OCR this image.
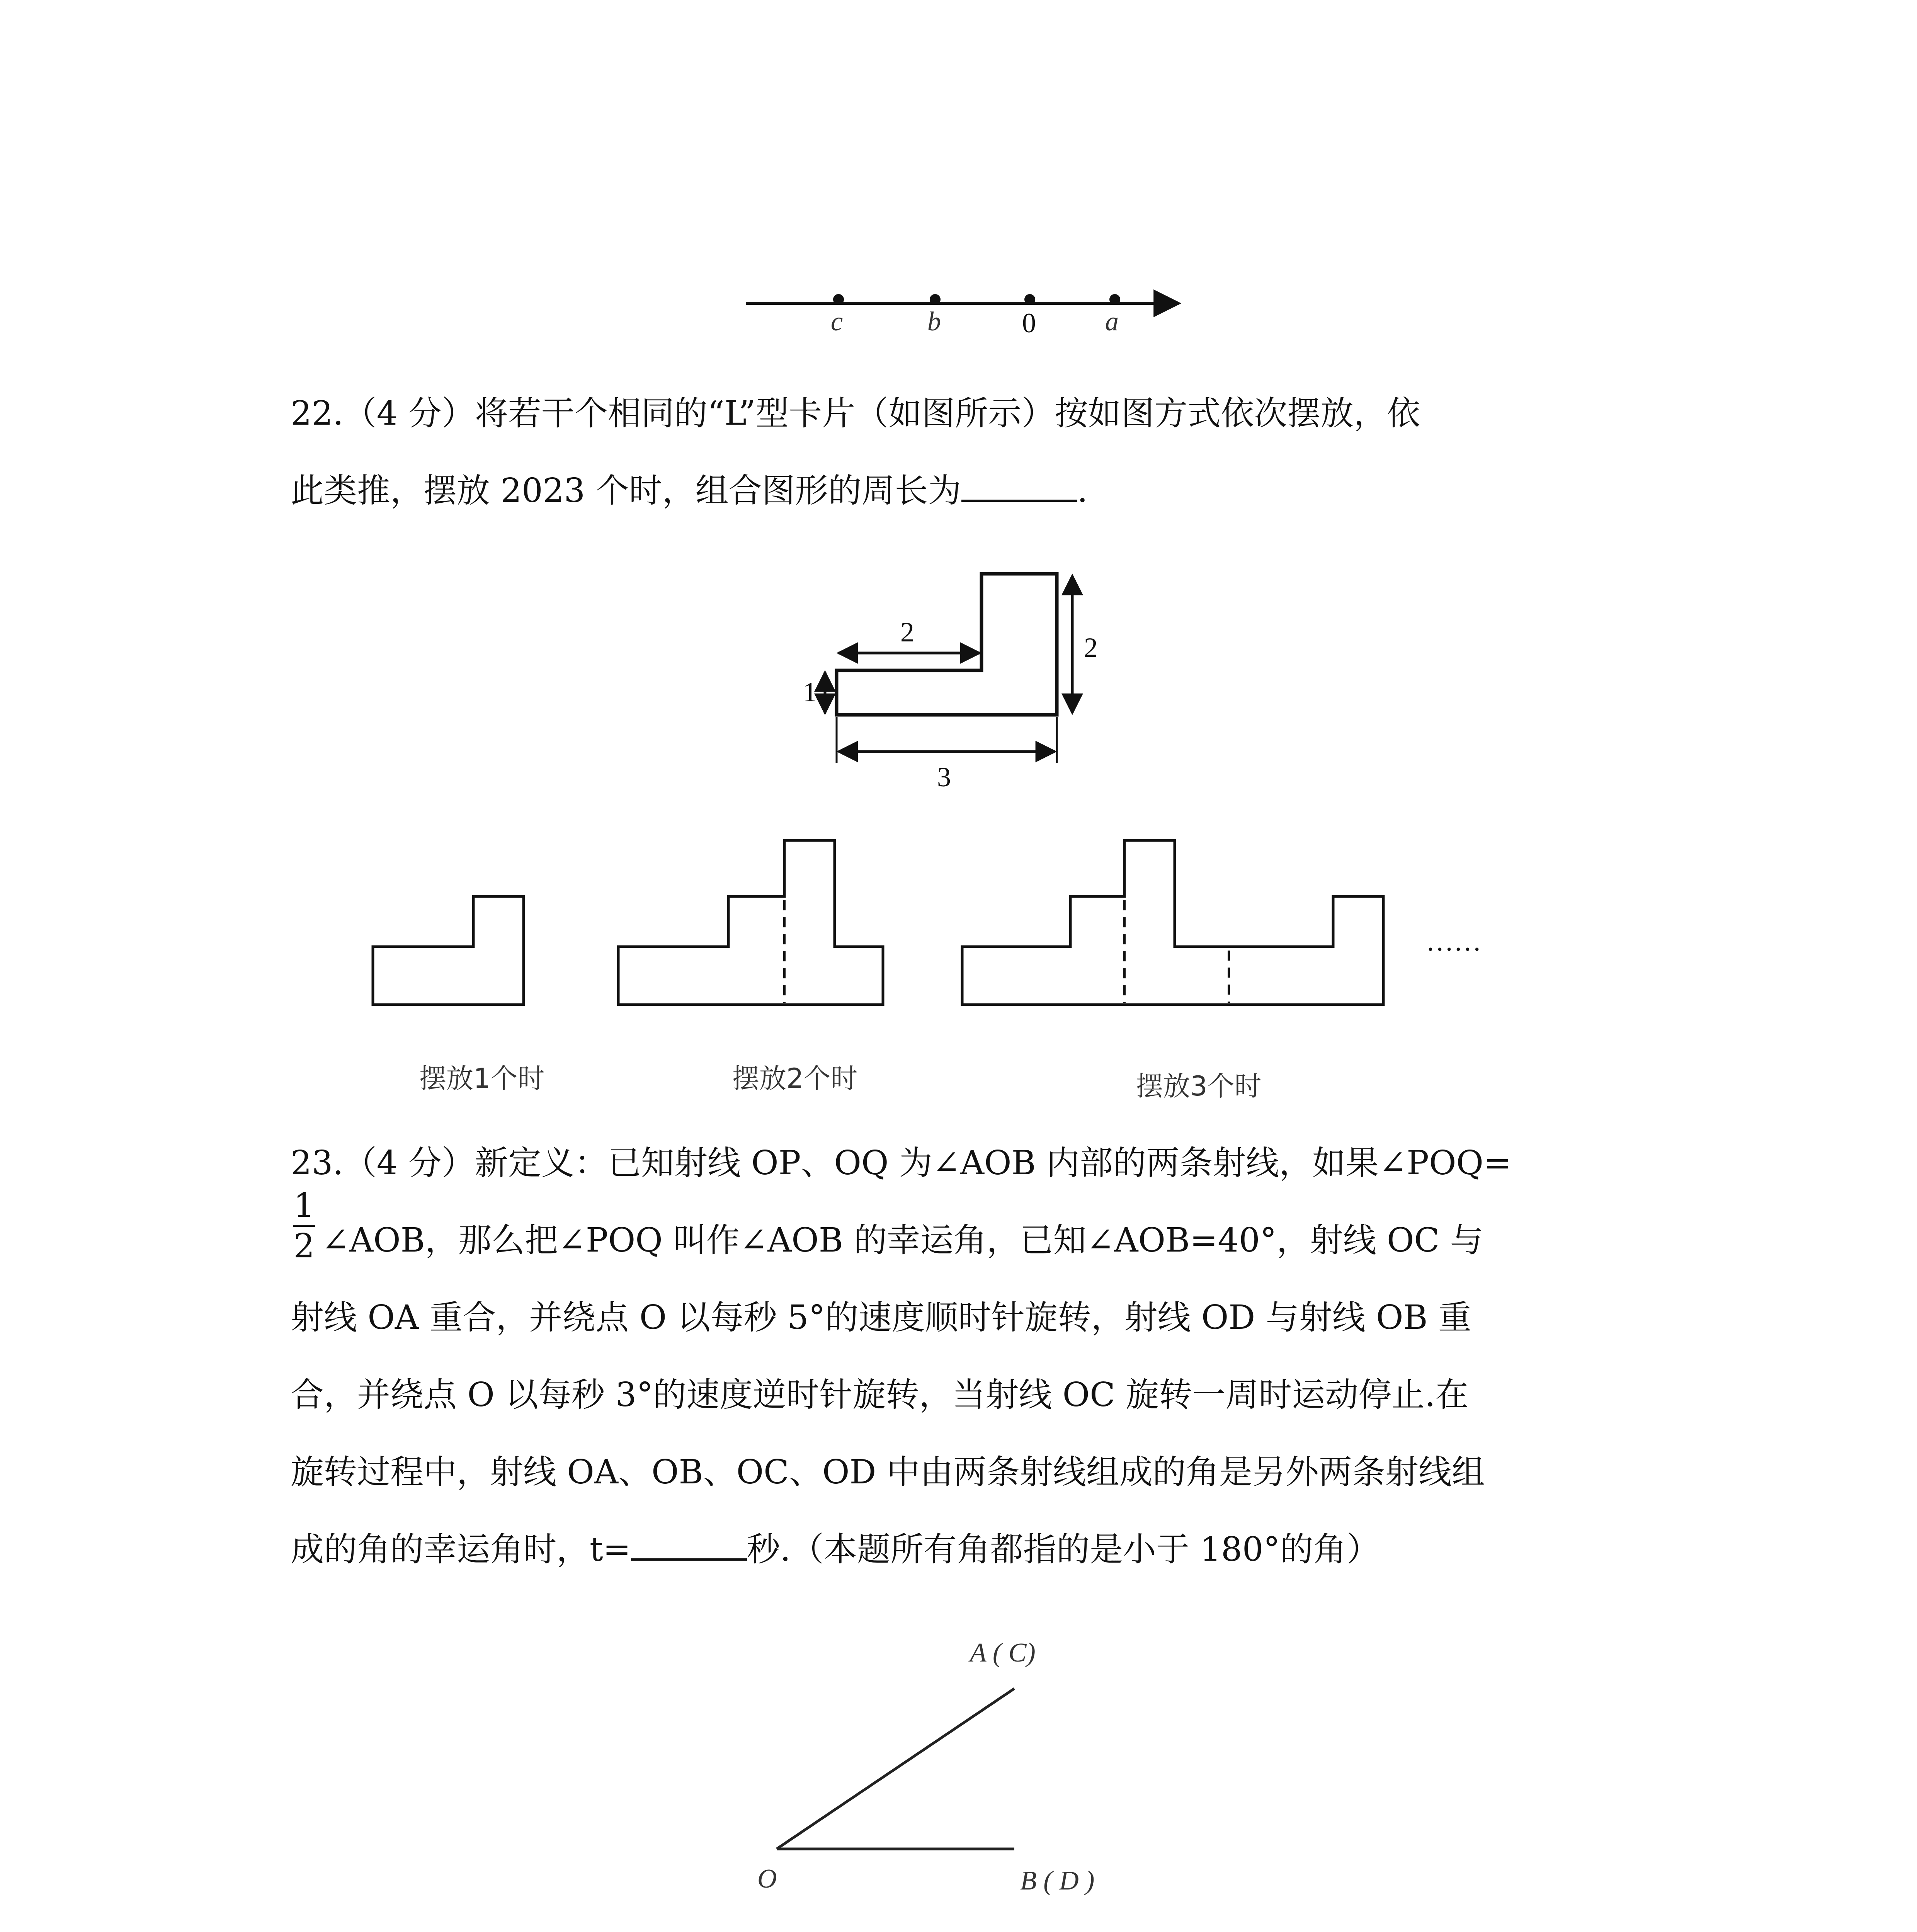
c	b	0	a
2	2
1
3
摆放1个时	摆放2个时	摆放3个时
……
A ( C)
O	B ( D )
22.（4 分）将若干个相同的“L”型卡片（如图所示）按如图方式依次摆放，依
此类推，摆放 2023 个时，组合图形的周长为	.
23.（4 分）新定义：已知射线 OP、OQ 为∠AOB 内部的两条射线，如果∠POQ=
∠AOB，那么把∠POQ 叫作∠AOB 的幸运角，已知∠AOB=40°，射线 OC 与
射线 OA 重合，并绕点 O 以每秒 5°的速度顺时针旋转，射线 OD 与射线 OB 重
合，并绕点 O 以每秒 3°的速度逆时针旋转，当射线 OC 旋转一周时运动停止.在
旋转过程中，射线 OA、OB、OC、OD 中由两条射线组成的角是另外两条射线组
成的角的幸运角时，t=	秒.（本题所有角都指的是小于 180°的角）
1
2
